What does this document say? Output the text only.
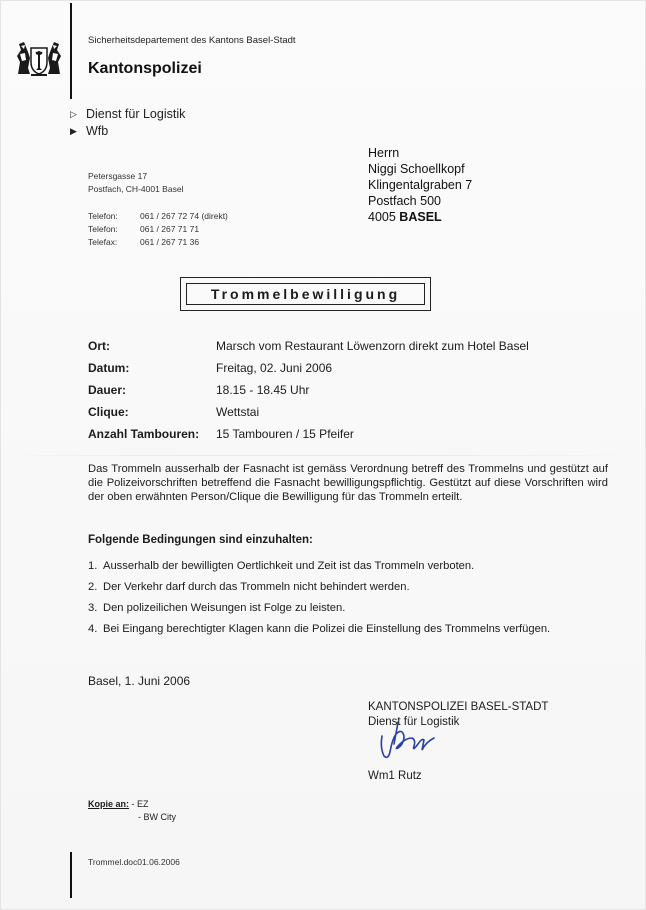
Sicherheitsdepartement des Kantons Basel-Stadt
Kantonspolizei
▷ Dienst für Logistik
▶ Wfb
Petersgasse 17
Postfach, CH-4001 Basel
Telefon:	061 / 267 72 74 (direkt)
Telefon:	061 / 267 71 71
Telefax:	061 / 267 71 36
Herrn
Niggi Schoellkopf
Klingentalgraben 7
Postfach 500
4005 BASEL
Trommelbewilligung
Ort:	Marsch vom Restaurant Löwenzorn direkt zum Hotel Basel
Datum:	Freitag, 02. Juni 2006
Dauer:	18.15 - 18.45 Uhr
Clique:	Wettstai
Anzahl Tambouren:	15 Tambouren / 15 Pfeifer
Das Trommeln ausserhalb der Fasnacht ist gemäss Verordnung betreff des Trommelns und gestützt auf die Polizeivorschriften betreffend die Fasnacht bewilligungspflichtig. Gestützt auf diese Vorschriften wird der oben erwähnten Person/Clique die Bewilligung für das Trommeln erteilt.
Folgende Bedingungen sind einzuhalten:
1. Ausserhalb der bewilligten Oertlichkeit und Zeit ist das Trommeln verboten.
2. Der Verkehr darf durch das Trommeln nicht behindert werden.
3. Den polizeilichen Weisungen ist Folge zu leisten.
4. Bei Eingang berechtigter Klagen kann die Polizei die Einstellung des Trommelns verfügen.
Basel, 1. Juni 2006
KANTONSPOLIZEI BASEL-STADT
Dienst für Logistik
Wm1 Rutz
Kopie an: - EZ
- BW City
Trommel.doc01.06.2006
